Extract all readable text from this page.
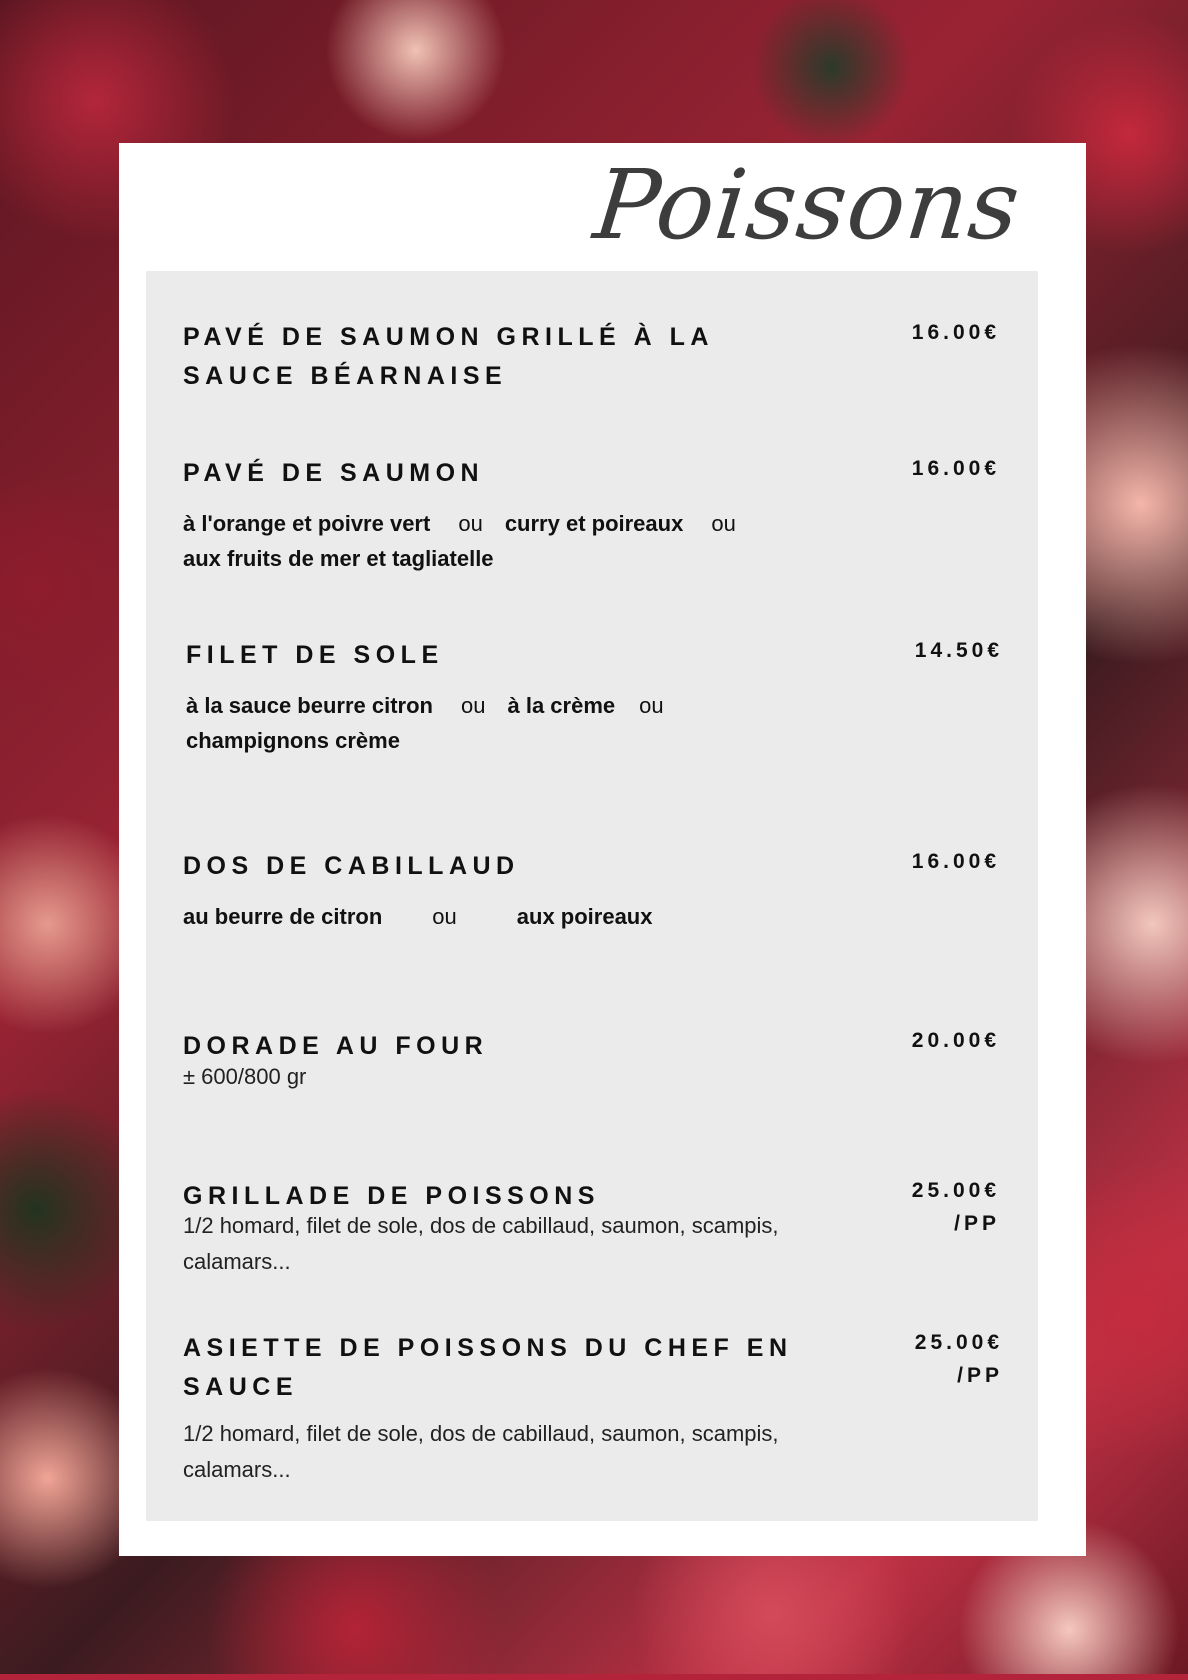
Poissons
PAVÉ DE SAUMON GRILLÉ À LA SAUCE BÉARNAISE
16.00€
PAVÉ DE SAUMON	16.00€
à l'orange et poivre vert ou curry et poireaux ou
aux fruits de mer et tagliatelle
FILET DE SOLE	14.50€
à la sauce beurre citron ou à la crème ou
champignons crème
DOS DE CABILLAUD	16.00€
au beurre de citron ou	aux poireaux
DORADE AU FOUR	20.00€
± 600/800 gr
GRILLADE DE POISSONS	25.00€
/PP
1/2 homard, filet de sole, dos de cabillaud, saumon, scampis, calamars...
ASIETTE DE POISSONS DU CHEF EN SAUCE
25.00€
/PP
1/2 homard, filet de sole, dos de cabillaud, saumon, scampis, calamars...
